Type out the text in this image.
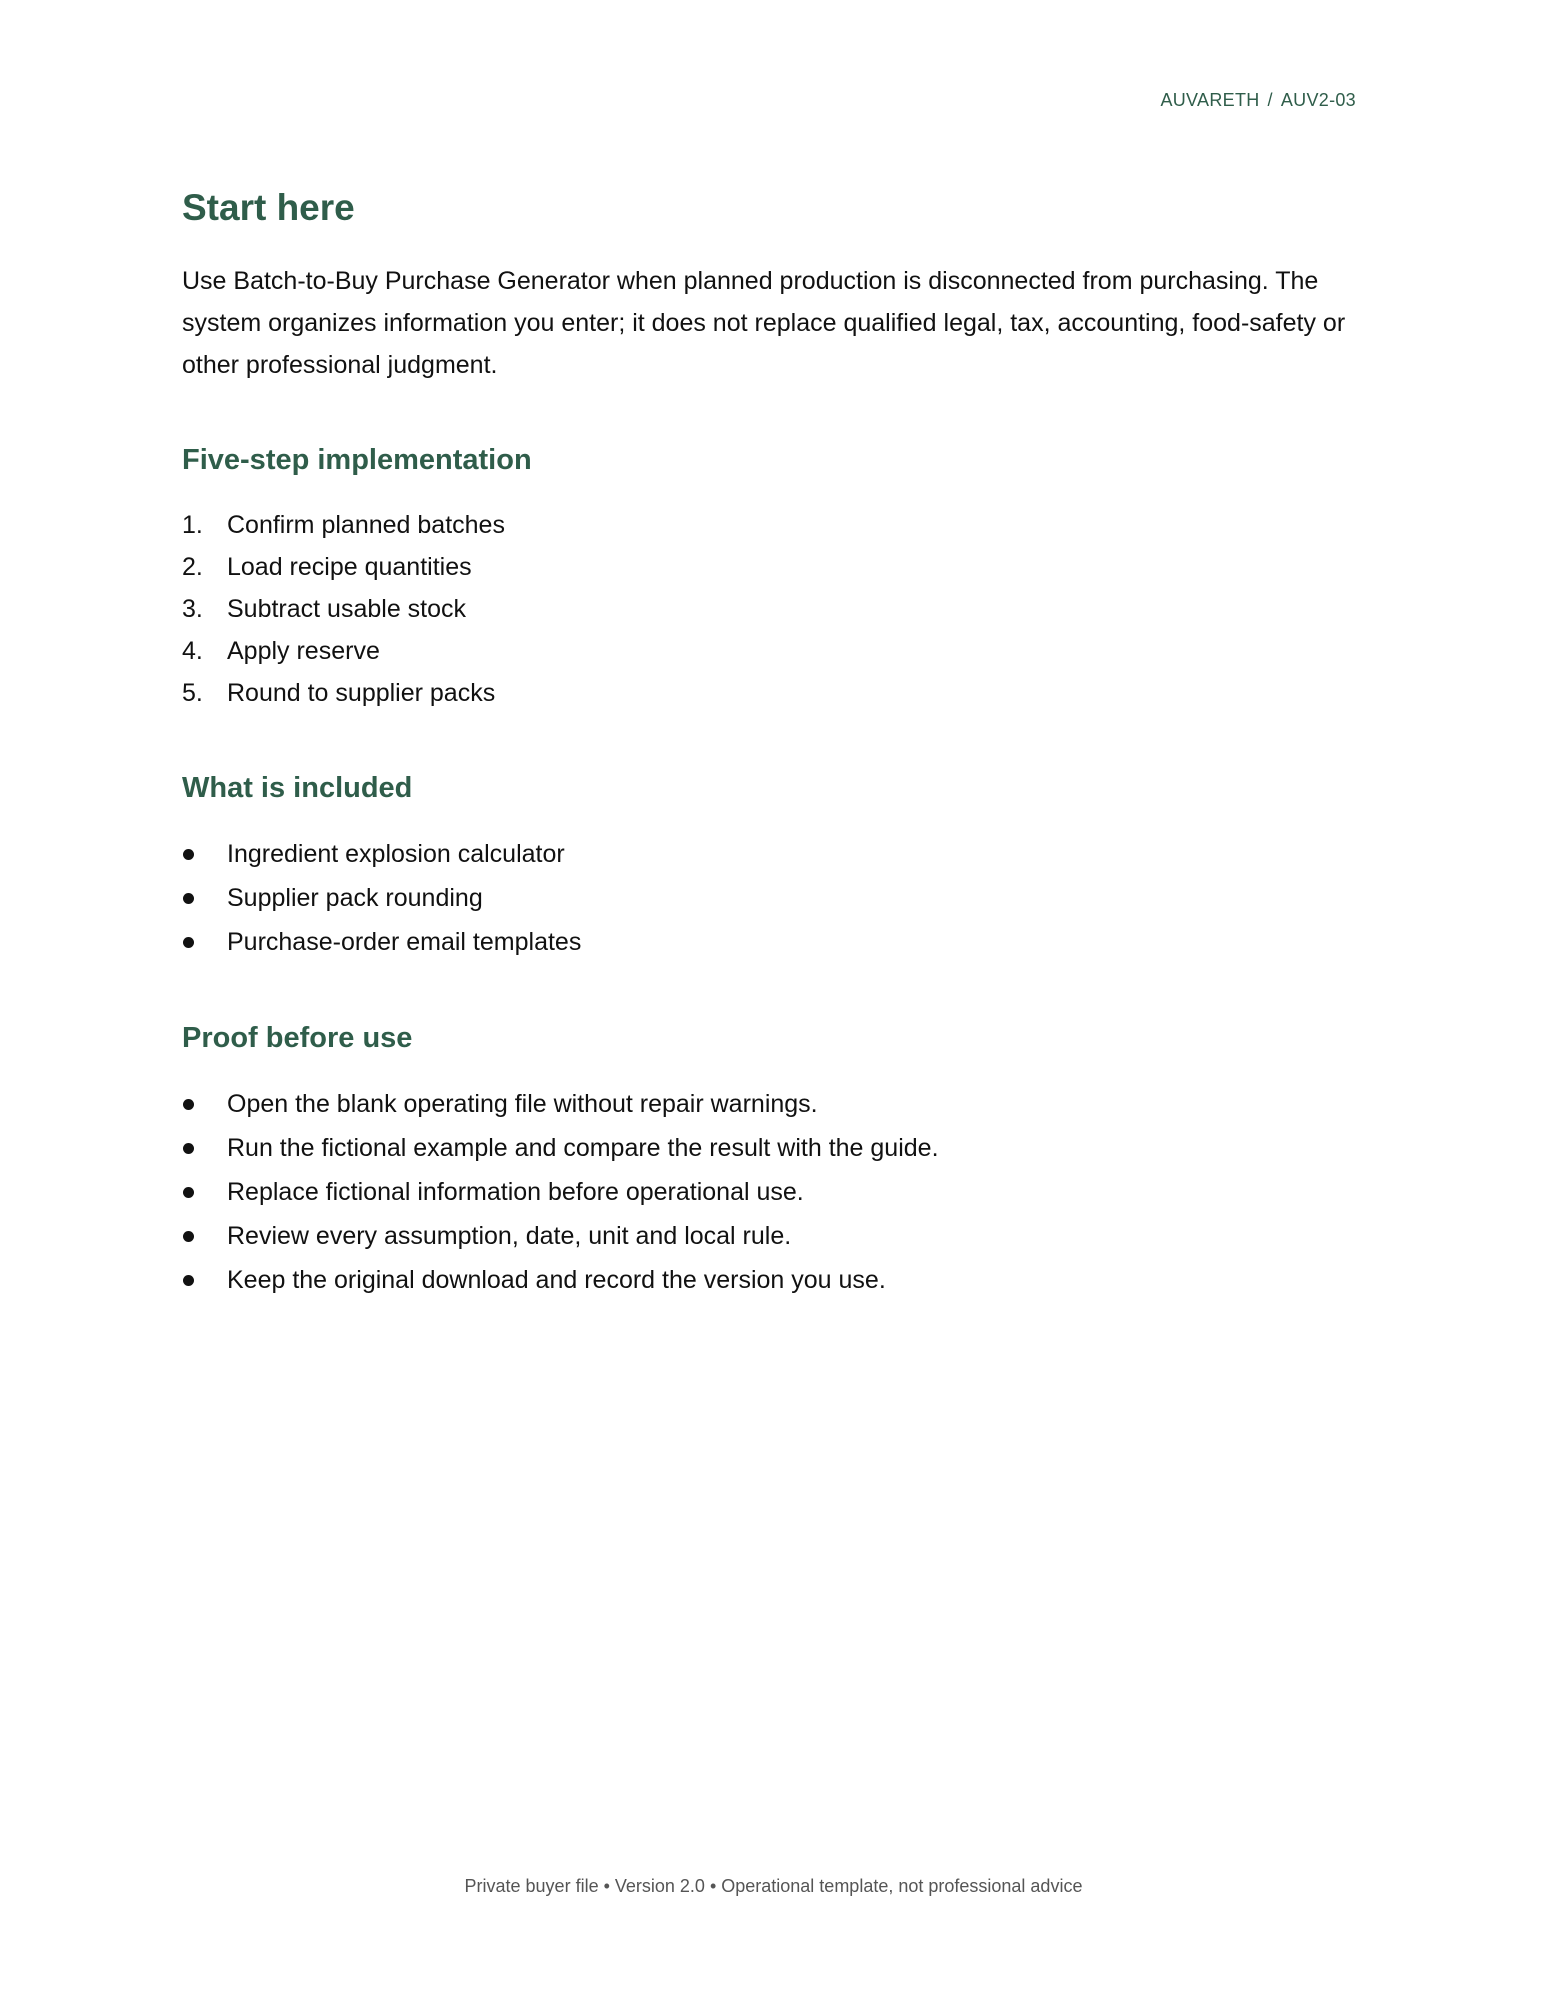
AUVARETH / AUV2-03
Start here

Use Batch-to-Buy Purchase Generator when planned production is disconnected from purchasing. The system organizes information you enter; it does not replace qualified legal, tax, accounting, food-safety or other professional judgment.

Five-step implementation
1. Confirm planned batches
2. Load recipe quantities
3. Subtract usable stock
4. Apply reserve
5. Round to supplier packs
What is included
Ingredient explosion calculator
Supplier pack rounding
Purchase-order email templates
Proof before use
Open the blank operating file without repair warnings.
Run the fictional example and compare the result with the guide.
Replace fictional information before operational use.
Review every assumption, date, unit and local rule.
Keep the original download and record the version you use.
Private buyer file • Version 2.0 • Operational template, not professional advice
